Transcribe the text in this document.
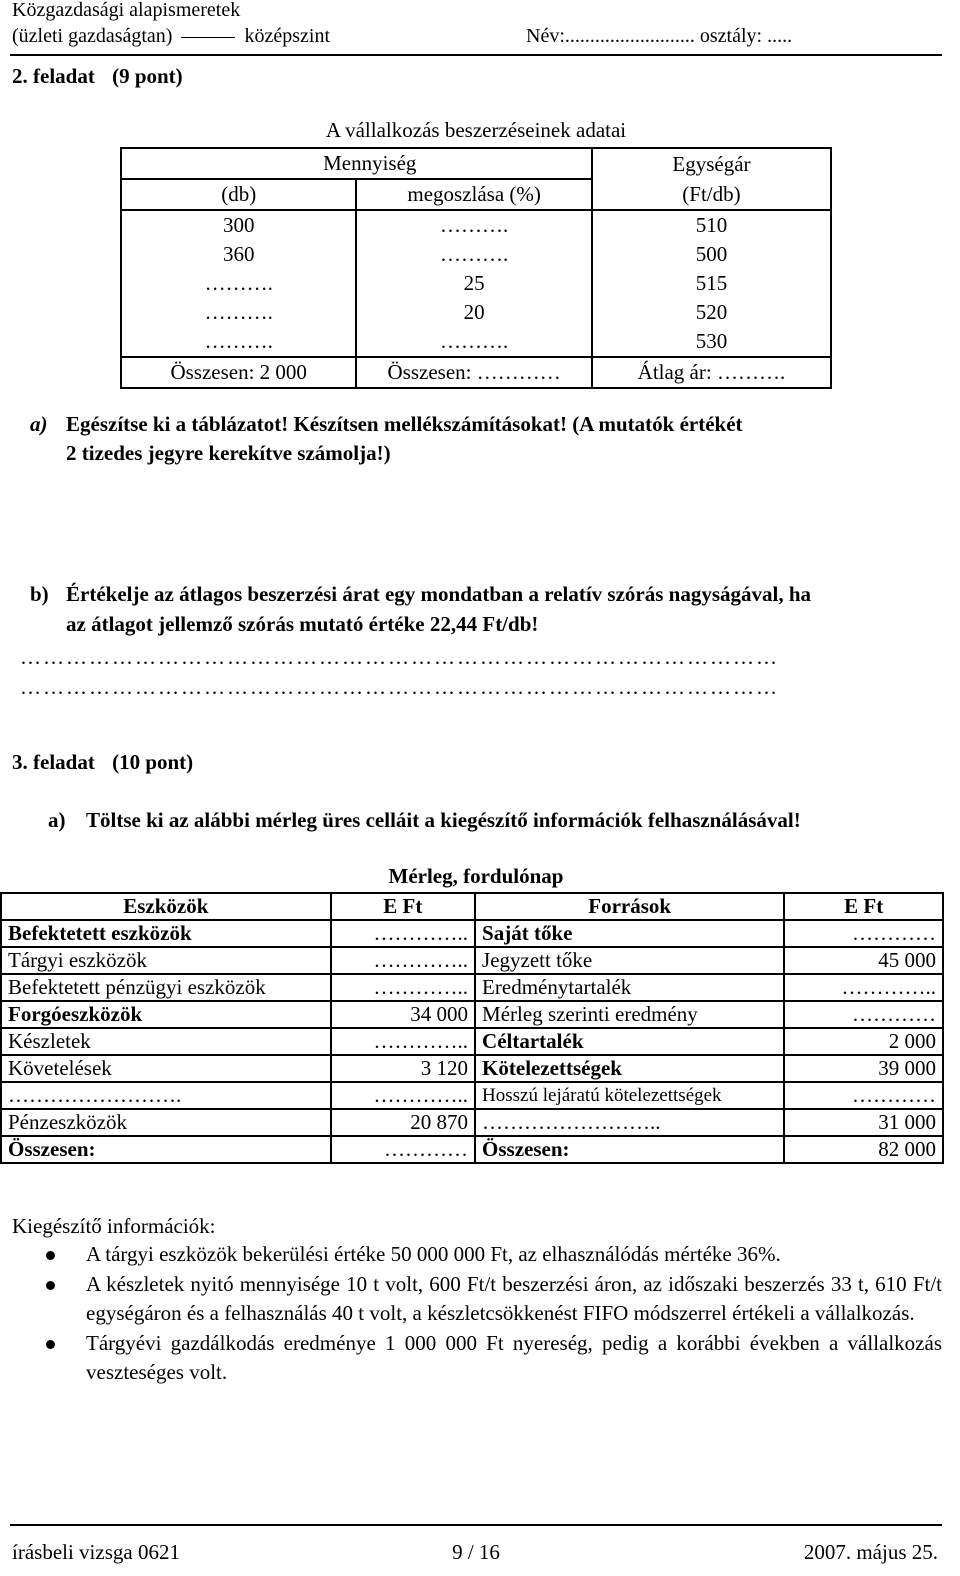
Közgazdasági alapismeretek
(üzleti gazdaságtan)	középszint	Név:.......................... osztály: .....
2. feladat (9 pont)
A vállalkozás beszerzéseinek adatai
Mennyiség		Egységár
(db)	megoszlása (%)	(Ft/db)
300	……….	510
360	……….	500
……….	25	515
……….	20	520
……….	……….	530
Összesen: 2 000	Összesen: …………	Átlag ár: ……….
a) Egészítse ki a táblázatot! Készítsen mellékszámításokat! (A mutatók értékét
2 tizedes jegyre kerekítve számolja!)
b) Értékelje az átlagos beszerzési árat egy mondatban a relatív szórás nagyságával, ha
az átlagot jellemző szórás mutató értéke 22,44 Ft/db!
………………………………………………………………………………………
………………………………………………………………………………………
3. feladat (10 pont)
a) Töltse ki az alábbi mérleg üres celláit a kiegészítő információk felhasználásával!
Mérleg, fordulónap
Eszközök	E Ft	Források	E Ft
Befektetett eszközök	…………..	Saját tőke	…………
Tárgyi eszközök	…………..	Jegyzett tőke	45 000
Befektetett pénzügyi eszközök	…………..	Eredménytartalék	…………..
Forgóeszközök	34 000	Mérleg szerinti eredmény	…………
Készletek	…………..	Céltartalék	2 000
Követelések	3 120	Kötelezettségek	39 000
…………………….	…………..	Hosszú lejáratú kötelezettségek	…………
Pénzeszközök	20 870	……………………..	31 000
Összesen:	…………	Összesen:	82 000
Kiegészítő információk:
A tárgyi eszközök bekerülési értéke 50 000 000 Ft, az elhasználódás mértéke 36%.
A készletek nyitó mennyisége 10 t volt, 600 Ft/t beszerzési áron, az időszaki beszerzés 33 t, 610 Ft/t egységáron és a felhasználás 40 t volt, a készletcsökkenést FIFO módszerrel értékeli a vállalkozás.
Tárgyévi gazdálkodás eredménye 1 000 000 Ft nyereség, pedig a korábbi években a vállalkozás veszteséges volt.
írásbeli vizsga 0621	9 / 16	2007. május 25.
